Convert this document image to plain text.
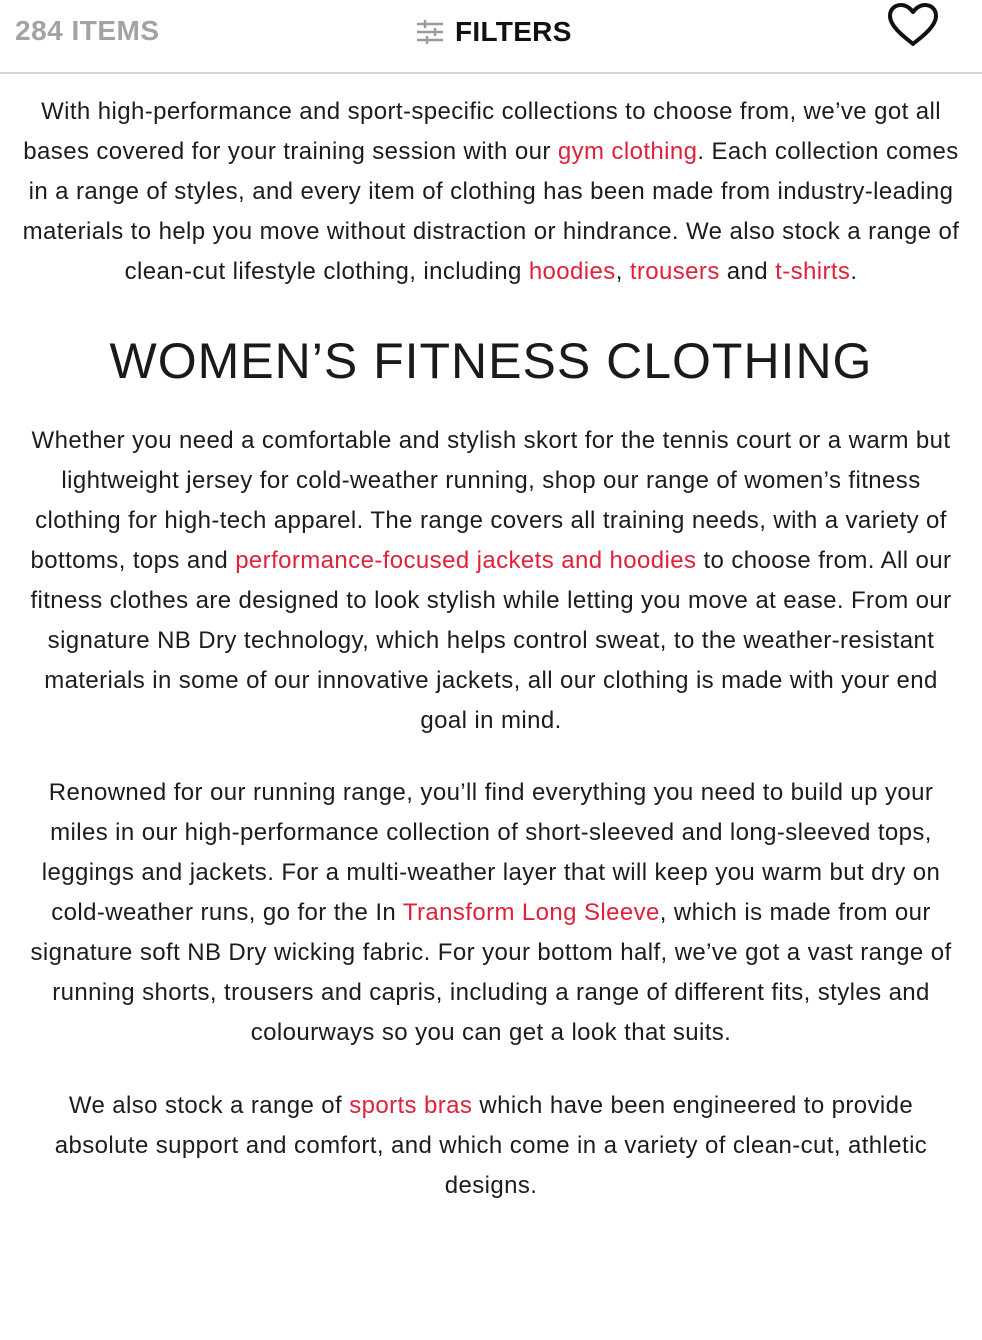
284 ITEMS	FILTERS

With high-performance and sport-specific collections to choose from, we’ve got all bases covered for your training session with our gym clothing. Each collection comes in a range of styles, and every item of clothing has been made from industry-leading materials to help you move without distraction or hindrance. We also stock a range of clean-cut lifestyle clothing, including hoodies, trousers and t-shirts.

WOMEN’S FITNESS CLOTHING

Whether you need a comfortable and stylish skort for the tennis court or a warm but lightweight jersey for cold-weather running, shop our range of women’s fitness clothing for high-tech apparel. The range covers all training needs, with a variety of bottoms, tops and performance-focused jackets and hoodies to choose from. All our fitness clothes are designed to look stylish while letting you move at ease. From our signature NB Dry technology, which helps control sweat, to the weather-resistant materials in some of our innovative jackets, all our clothing is made with your end goal in mind.

Renowned for our running range, you’ll find everything you need to build up your miles in our high-performance collection of short-sleeved and long-sleeved tops, leggings and jackets. For a multi-weather layer that will keep you warm but dry on cold-weather runs, go for the In Transform Long Sleeve, which is made from our signature soft NB Dry wicking fabric. For your bottom half, we’ve got a vast range of running shorts, trousers and capris, including a range of different fits, styles and colourways so you can get a look that suits.

We also stock a range of sports bras which have been engineered to provide absolute support and comfort, and which come in a variety of clean-cut, athletic designs.
